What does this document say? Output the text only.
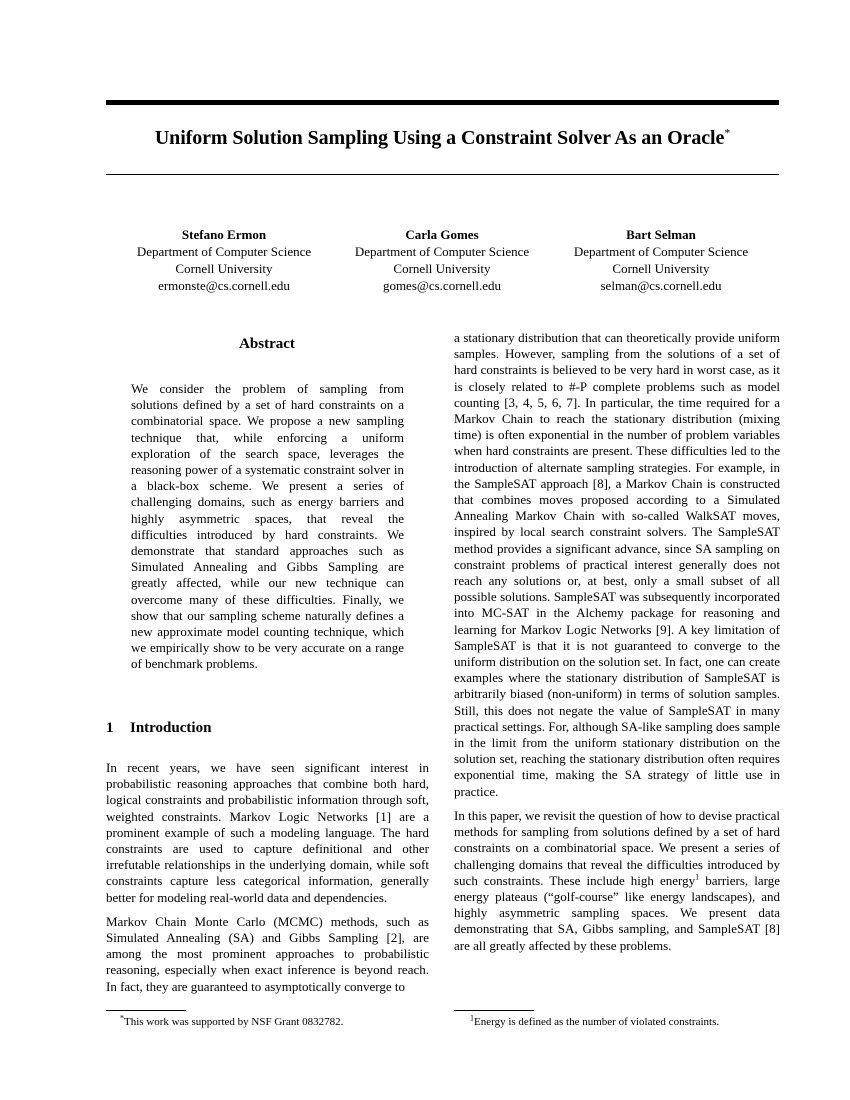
Uniform Solution Sampling Using a Constraint Solver As an Oracle*
Stefano Ermon
Department of Computer Science
Cornell University
ermonste@cs.cornell.edu
Carla Gomes
Department of Computer Science
Cornell University
gomes@cs.cornell.edu
Bart Selman
Department of Computer Science
Cornell University
selman@cs.cornell.edu
Abstract
We consider the problem of sampling from solutions defined by a set of hard constraints on a combinatorial space. We propose a new sampling technique that, while enforcing a uniform exploration of the search space, leverages the reasoning power of a systematic constraint solver in a black-box scheme. We present a series of challenging domains, such as energy barriers and highly asymmetric spaces, that reveal the difficulties introduced by hard constraints. We demonstrate that standard approaches such as Simulated Annealing and Gibbs Sampling are greatly affected, while our new technique can overcome many of these difficulties. Finally, we show that our sampling scheme naturally defines a new approximate model counting technique, which we empirically show to be very accurate on a range of benchmark problems.
1 Introduction

In recent years, we have seen significant interest in probabilistic reasoning approaches that combine both hard, logical constraints and probabilistic information through soft, weighted constraints. Markov Logic Networks [1] are a prominent example of such a modeling language. The hard constraints are used to capture definitional and other irrefutable relationships in the underlying domain, while soft constraints capture less categorical information, generally better for modeling real-world data and dependencies.

Markov Chain Monte Carlo (MCMC) methods, such as Simulated Annealing (SA) and Gibbs Sampling [2], are among the most prominent approaches to probabilistic reasoning, especially when exact inference is beyond reach. In fact, they are guaranteed to asymptotically converge to

a stationary distribution that can theoretically provide uniform samples. However, sampling from the solutions of a set of hard constraints is believed to be very hard in worst case, as it is closely related to #-P complete problems such as model counting [3, 4, 5, 6, 7]. In particular, the time required for a Markov Chain to reach the stationary distribution (mixing time) is often exponential in the number of problem variables when hard constraints are present. These difficulties led to the introduction of alternate sampling strategies. For example, in the SampleSAT approach [8], a Markov Chain is constructed that combines moves proposed according to a Simulated Annealing Markov Chain with so-called WalkSAT moves, inspired by local search constraint solvers. The SampleSAT method provides a significant advance, since SA sampling on constraint problems of practical interest generally does not reach any solutions or, at best, only a small subset of all possible solutions. SampleSAT was subsequently incorporated into MC-SAT in the Alchemy package for reasoning and learning for Markov Logic Networks [9]. A key limitation of SampleSAT is that it is not guaranteed to converge to the uniform distribution on the solution set. In fact, one can create examples where the stationary distribution of SampleSAT is arbitrarily biased (non-uniform) in terms of solution samples. Still, this does not negate the value of SampleSAT in many practical settings. For, although SA-like sampling does sample in the limit from the uniform stationary distribution on the solution set, reaching the stationary distribution often requires exponential time, making the SA strategy of little use in practice.

In this paper, we revisit the question of how to devise practical methods for sampling from solutions defined by a set of hard constraints on a combinatorial space. We present a series of challenging domains that reveal the difficulties introduced by such constraints. These include high energy$^1$ barriers, large energy plateaus (“golf-course” like energy landscapes), and highly asymmetric sampling spaces. We present data demonstrating that SA, Gibbs sampling, and SampleSAT [8] are all greatly affected by these problems.

*This work was supported by NSF Grant 0832782.	$^1$Energy is defined as the number of violated constraints.
